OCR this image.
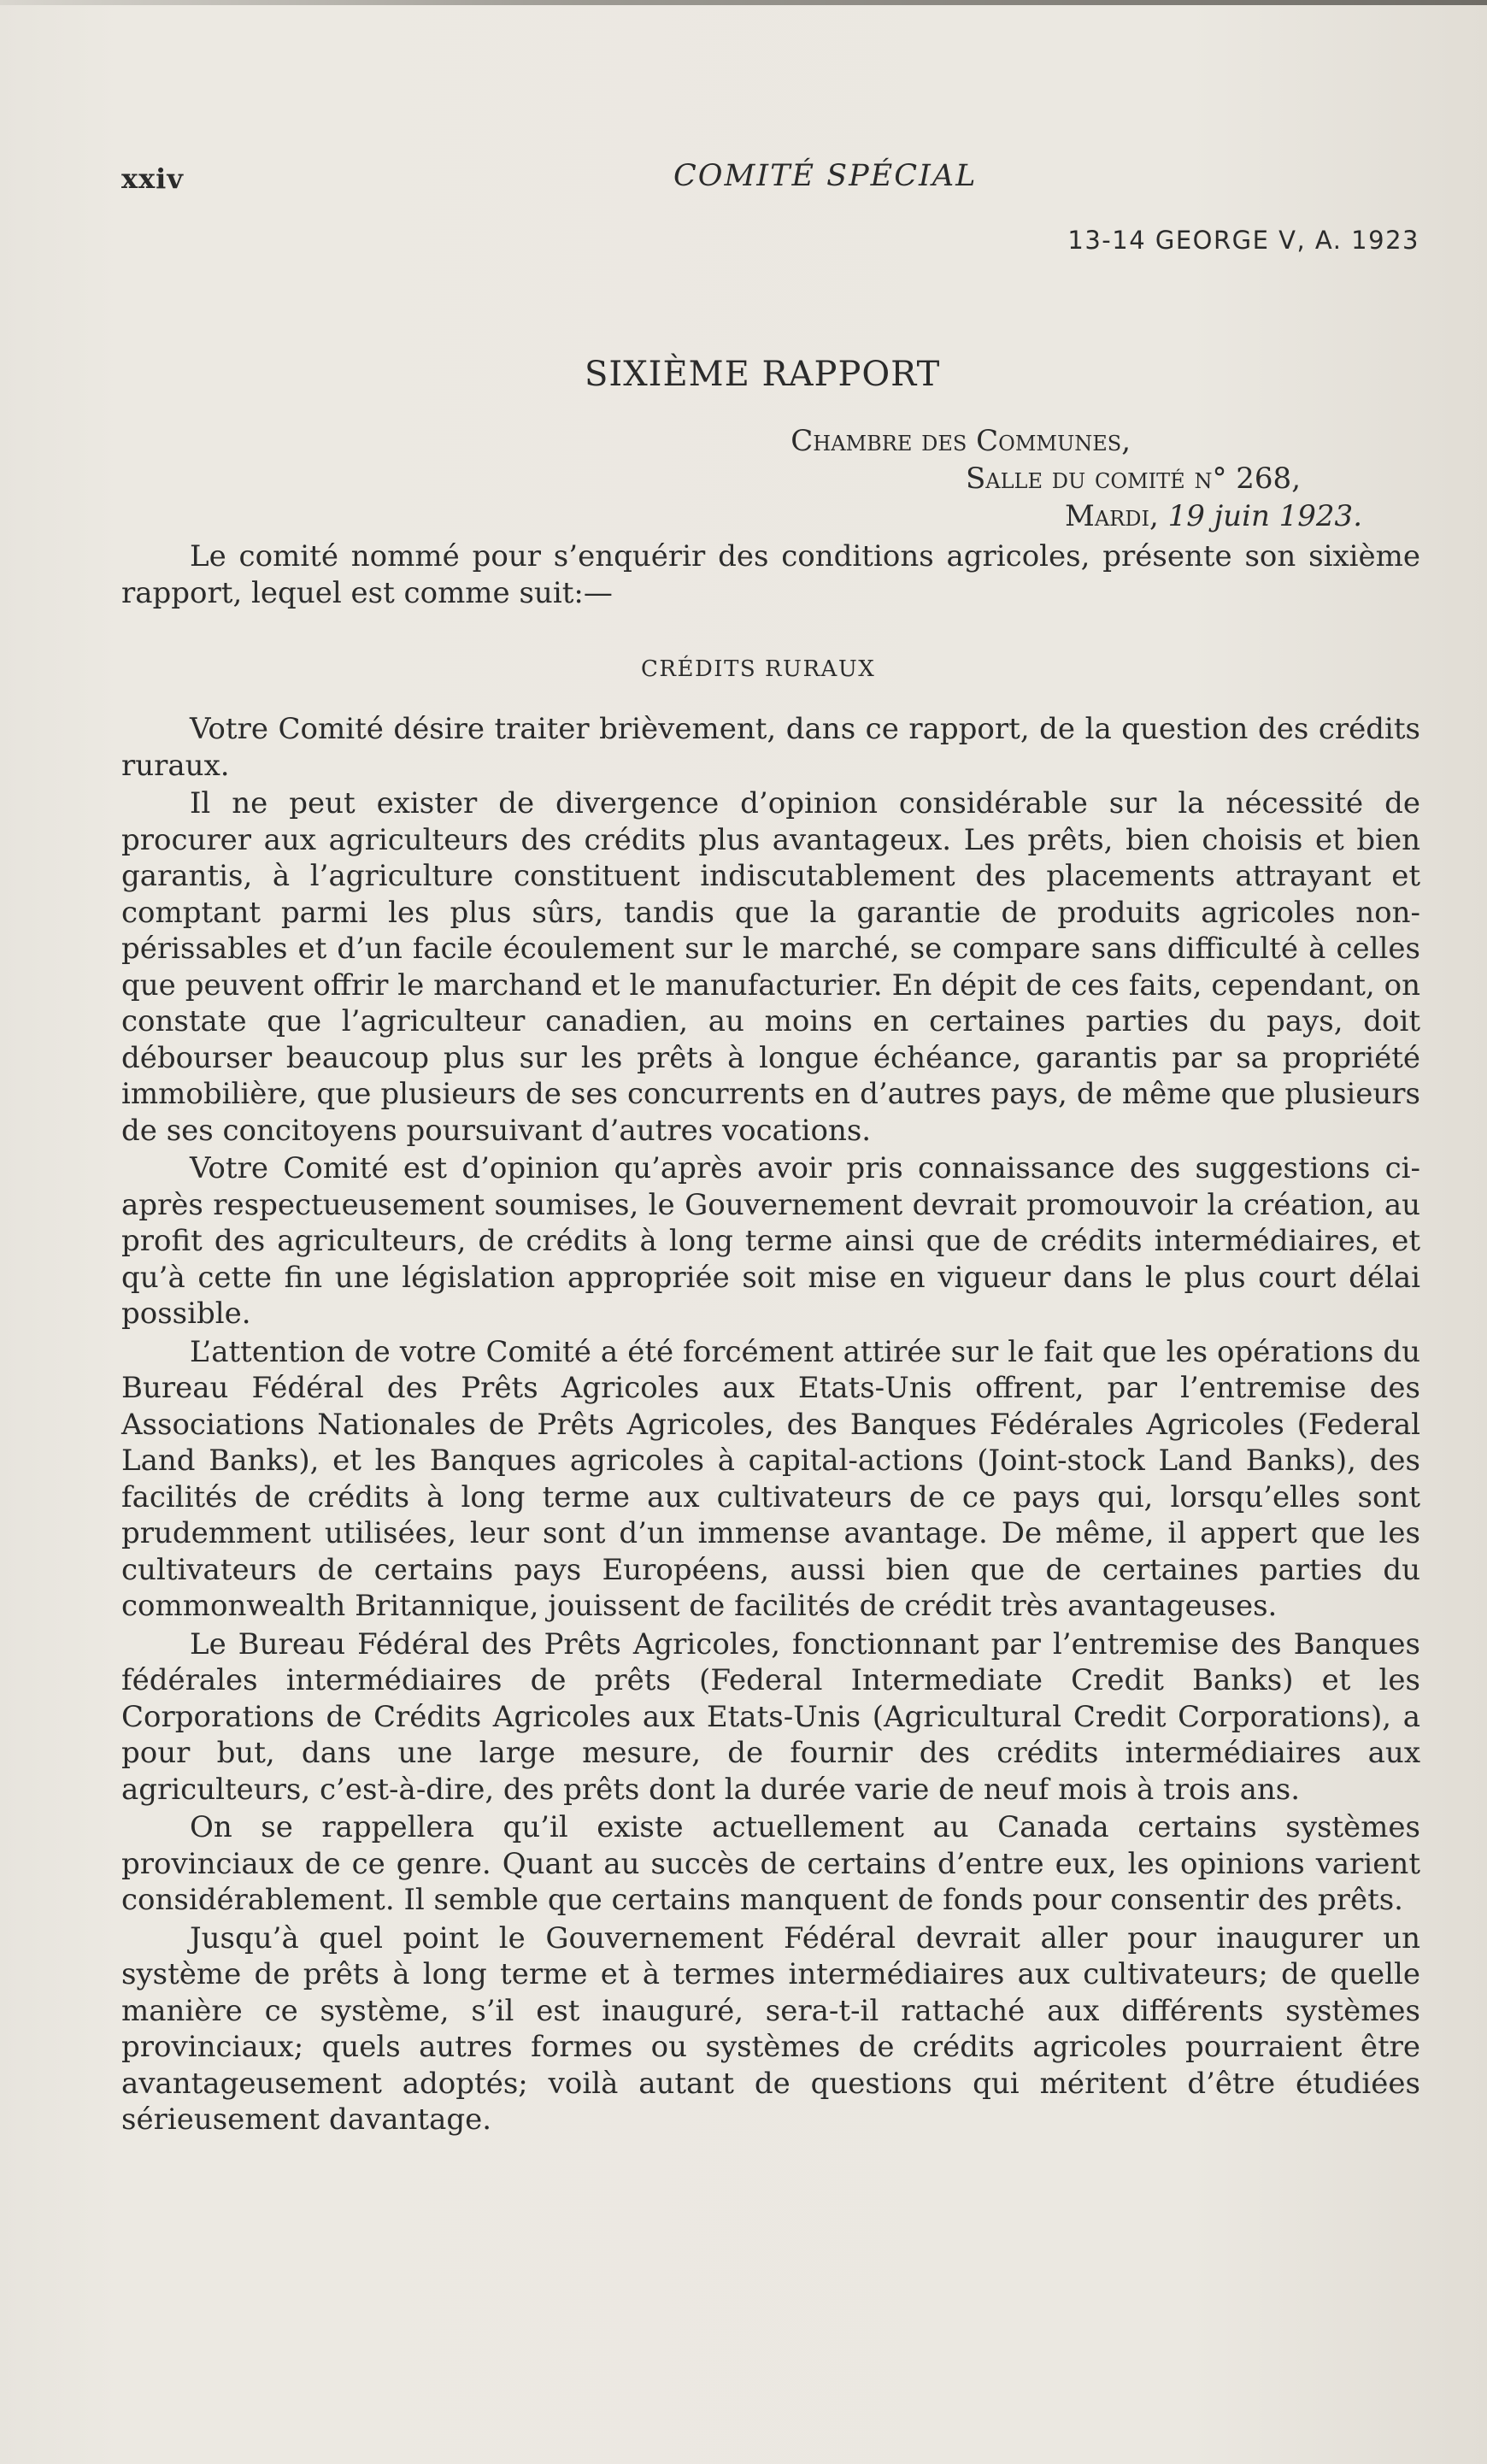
xxiv	COMITÉ SPÉCIAL
13-14 GEORGE V, A. 1923
SIXIÈME RAPPORT
Chambre des Communes,
Salle du comité n° 268,
Mardi, 19 juin 1923.

Le comité nommé pour s’enquérir des conditions agricoles, présente son sixième rapport, lequel est comme suit:—

CRÉDITS RURAUX

Votre Comité désire traiter brièvement, dans ce rapport, de la question des crédits ruraux.

Il ne peut exister de divergence d’opinion considérable sur la nécessité de procurer aux agriculteurs des crédits plus avantageux. Les prêts, bien choisis et bien garantis, à l’agriculture constituent indiscutablement des placements attrayant et comptant parmi les plus sûrs, tandis que la garantie de produits agricoles non-périssables et d’un facile écoulement sur le marché, se compare sans difficulté à celles que peuvent offrir le marchand et le manufacturier. En dépit de ces faits, cependant, on constate que l’agriculteur canadien, au moins en certaines parties du pays, doit débourser beaucoup plus sur les prêts à longue échéance, garantis par sa propriété immobilière, que plusieurs de ses concurrents en d’autres pays, de même que plusieurs de ses concitoyens poursuivant d’autres vocations.

Votre Comité est d’opinion qu’après avoir pris connaissance des suggestions ci-après respectueusement soumises, le Gouvernement devrait promouvoir la création, au profit des agriculteurs, de crédits à long terme ainsi que de crédits intermédiaires, et qu’à cette fin une législation appropriée soit mise en vigueur dans le plus court délai possible.

L’attention de votre Comité a été forcément attirée sur le fait que les opérations du Bureau Fédéral des Prêts Agricoles aux Etats-Unis offrent, par l’entremise des Associations Nationales de Prêts Agricoles, des Banques Fédérales Agricoles (Federal Land Banks), et les Banques agricoles à capital-actions (Joint-stock Land Banks), des facilités de crédits à long terme aux cultivateurs de ce pays qui, lorsqu’elles sont prudemment utilisées, leur sont d’un immense avantage. De même, il appert que les cultivateurs de certains pays Européens, aussi bien que de certaines parties du commonwealth Britannique, jouissent de facilités de crédit très avantageuses.

Le Bureau Fédéral des Prêts Agricoles, fonctionnant par l’entremise des Banques fédérales intermédiaires de prêts (Federal Intermediate Credit Banks) et les Corporations de Crédits Agricoles aux Etats-Unis (Agricultural Credit Corporations), a pour but, dans une large mesure, de fournir des crédits intermédiaires aux agriculteurs, c’est-à-dire, des prêts dont la durée varie de neuf mois à trois ans.

On se rappellera qu’il existe actuellement au Canada certains systèmes provinciaux de ce genre. Quant au succès de certains d’entre eux, les opinions varient considérablement. Il semble que certains manquent de fonds pour consentir des prêts.

Jusqu’à quel point le Gouvernement Fédéral devrait aller pour inaugurer un système de prêts à long terme et à termes intermédiaires aux cultivateurs; de quelle manière ce système, s’il est inauguré, sera-t-il rattaché aux différents systèmes provinciaux; quels autres formes ou systèmes de crédits agricoles pourraient être avantageusement adoptés; voilà autant de questions qui méritent d’être étudiées sérieusement davantage.
